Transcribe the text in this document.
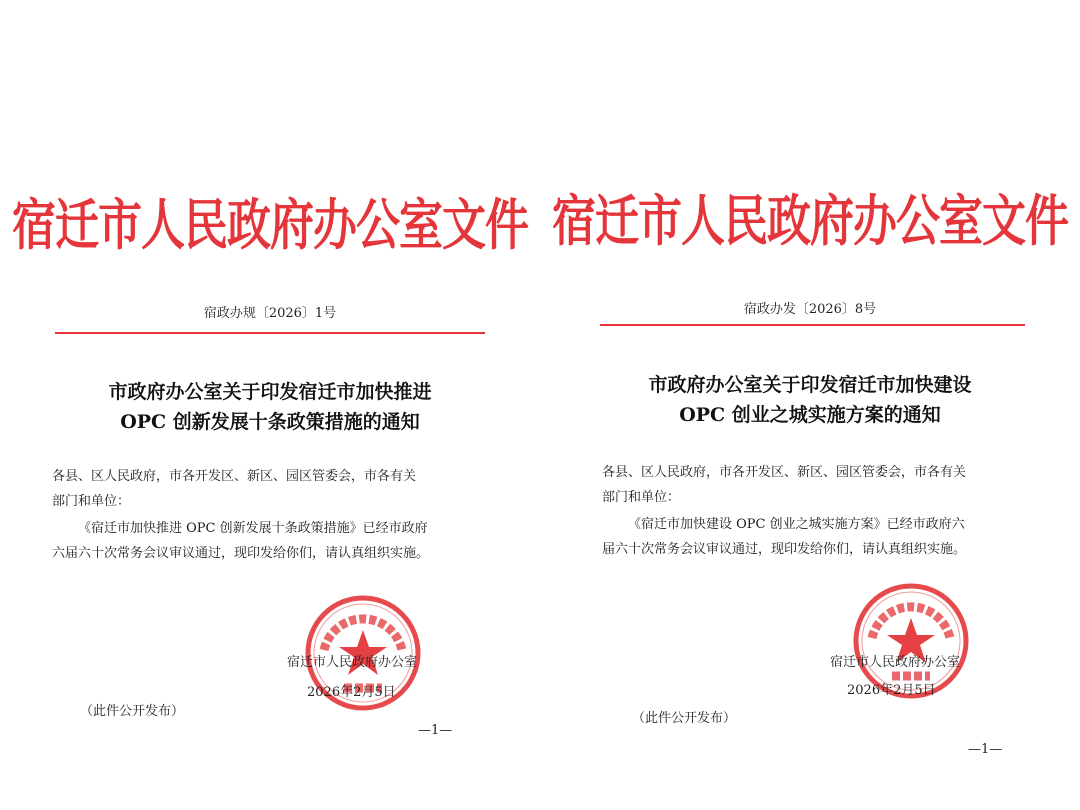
宿迁市人民政府办公室文件
宿政办规〔2026〕1号
市政府办公室关于印发宿迁市加快推进
OPC 创新发展十条政策措施的通知
各县、区人民政府，市各开发区、新区、园区管委会，市各有关
部门和单位：
《宿迁市加快推进 OPC 创新发展十条政策措施》已经市政府
六届六十次常务会议审议通过，现印发给你们，请认真组织实施。
宿迁市人民政府办公室
2026年2月5日
（此件公开发布）
—1—
宿迁市人民政府办公室文件
宿政办发〔2026〕8号
市政府办公室关于印发宿迁市加快建设
OPC 创业之城实施方案的通知
各县、区人民政府，市各开发区、新区、园区管委会，市各有关
部门和单位：
《宿迁市加快建设 OPC 创业之城实施方案》已经市政府六
届六十次常务会议审议通过，现印发给你们，请认真组织实施。
宿迁市人民政府办公室
2026年2月5日
（此件公开发布）
—1—
